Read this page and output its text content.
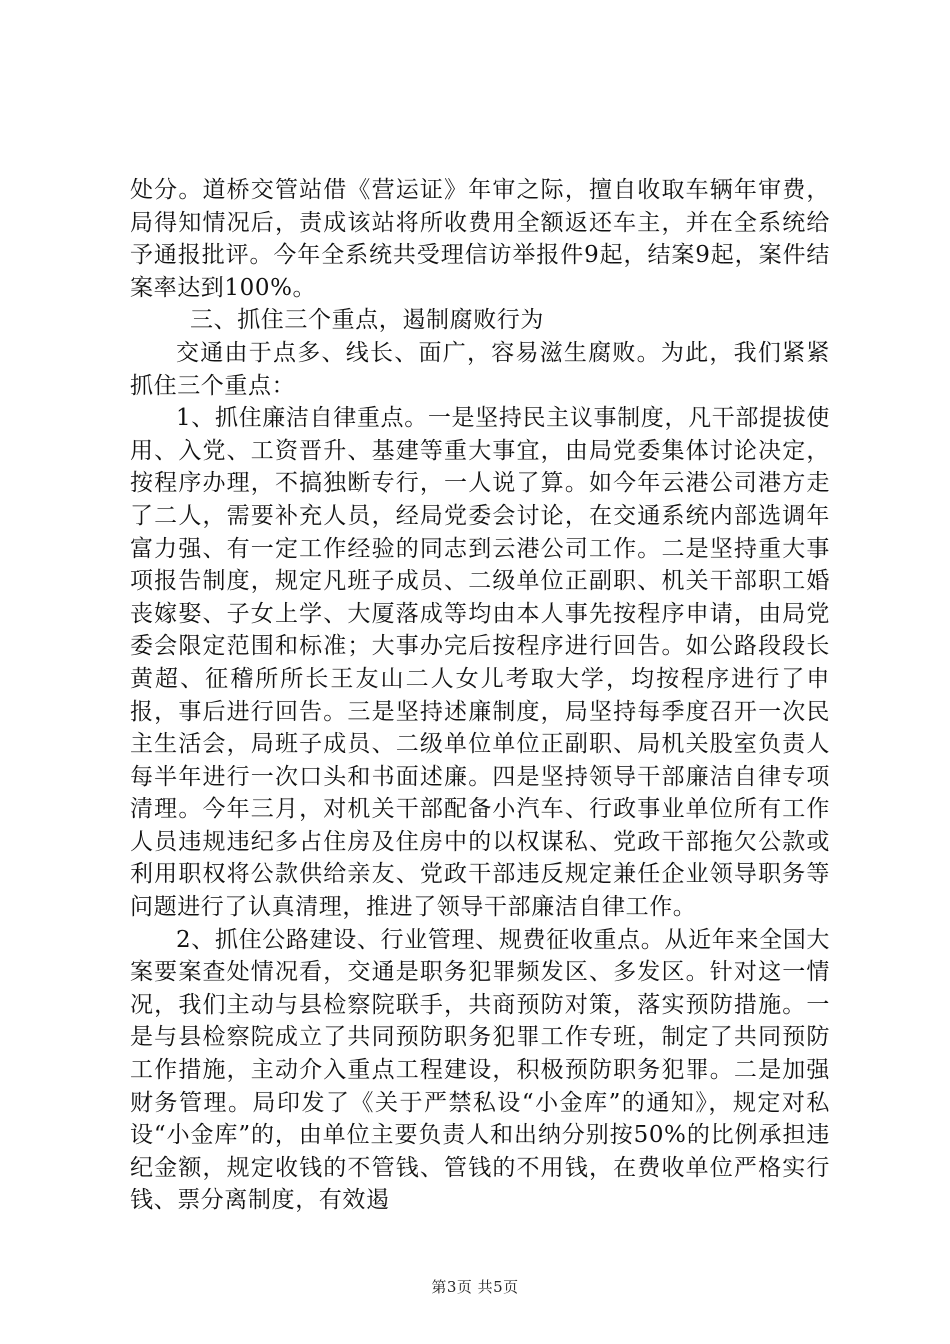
处分。道桥交管站借《营运证》年审之际，擅自收取车辆年审费，局得知情况后，责成该站将所收费用全额返还车主，并在全系统给予通报批评。今年全系统共受理信访举报件9起，结案9起，案件结案率达到100%。

三、抓住三个重点，遏制腐败行为

交通由于点多、线长、面广，容易滋生腐败。为此，我们紧紧抓住三个重点：

1、抓住廉洁自律重点。一是坚持民主议事制度，凡干部提拔使用、入党、工资晋升、基建等重大事宜，由局党委集体讨论决定，按程序办理，不搞独断专行，一人说了算。如今年云港公司港方走了二人，需要补充人员，经局党委会讨论，在交通系统内部选调年富力强、有一定工作经验的同志到云港公司工作。二是坚持重大事项报告制度，规定凡班子成员、二级单位正副职、机关干部职工婚丧嫁娶、子女上学、大厦落成等均由本人事先按程序申请，由局党委会限定范围和标准；大事办完后按程序进行回告。如公路段段长黄超、征稽所所长王友山二人女儿考取大学，均按程序进行了申报，事后进行回告。三是坚持述廉制度，局坚持每季度召开一次民主生活会，局班子成员、二级单位单位正副职、局机关股室负责人每半年进行一次口头和书面述廉。四是坚持领导干部廉洁自律专项清理。今年三月，对机关干部配备小汽车、行政事业单位所有工作人员违规违纪多占住房及住房中的以权谋私、党政干部拖欠公款或利用职权将公款供给亲友、党政干部违反规定兼任企业领导职务等问题进行了认真清理，推进了领导干部廉洁自律工作。

2、抓住公路建设、行业管理、规费征收重点。从近年来全国大案要案查处情况看，交通是职务犯罪频发区、多发区。针对这一情况，我们主动与县检察院联手，共商预防对策，落实预防措施。一是与县检察院成立了共同预防职务犯罪工作专班，制定了共同预防工作措施，主动介入重点工程建设，积极预防职务犯罪。二是加强财务管理。局印发了《关于严禁私设“小金库”的通知》，规定对私设“小金库”的，由单位主要负责人和出纳分别按50%的比例承担违纪金额，规定收钱的不管钱、管钱的不用钱，在费收单位严格实行钱、票分离制度，有效遏

第3页 共5页
